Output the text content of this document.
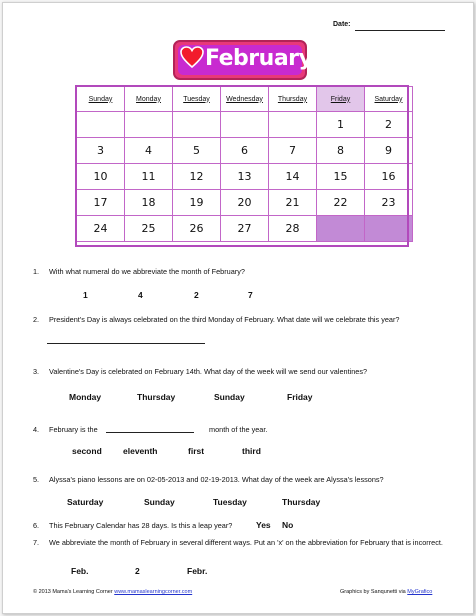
Date:
February
Sunday	Monday	Tuesday	Wednesday	Thursday	Friday	Saturday
					1	2
3	4	5	6	7	8	9
10	11	12	13	14	15	16
17	18	19	20	21	22	23
24	25	26	27	28		
1. With what numeral do we abbreviate the month of February?
1	4	2	7
2. President's Day is always celebrated on the third Monday of February. What date will we celebrate this year?
3. Valentine's Day is celebrated on February 14th. What day of the week will we send our valentines?
Monday	Thursday	Sunday	Friday
4. February is the	month of the year.
second eleventh	first	third
5. Alyssa's piano lessons are on 02-05-2013 and 02-19-2013. What day of the week are Alyssa's lessons?
Saturday	Sunday	Tuesday	Thursday
6. This February Calendar has 28 days. Is this a leap year?	Yes No
7. We abbreviate the month of February in several different ways. Put an 'x' on the abbreviation for February that is incorrect.
Feb.	2	Febr.
© 2013 Mama's Learning Corner www.mamaslearningcorner.com	Graphics by Sanqunetti via MyGrafico
